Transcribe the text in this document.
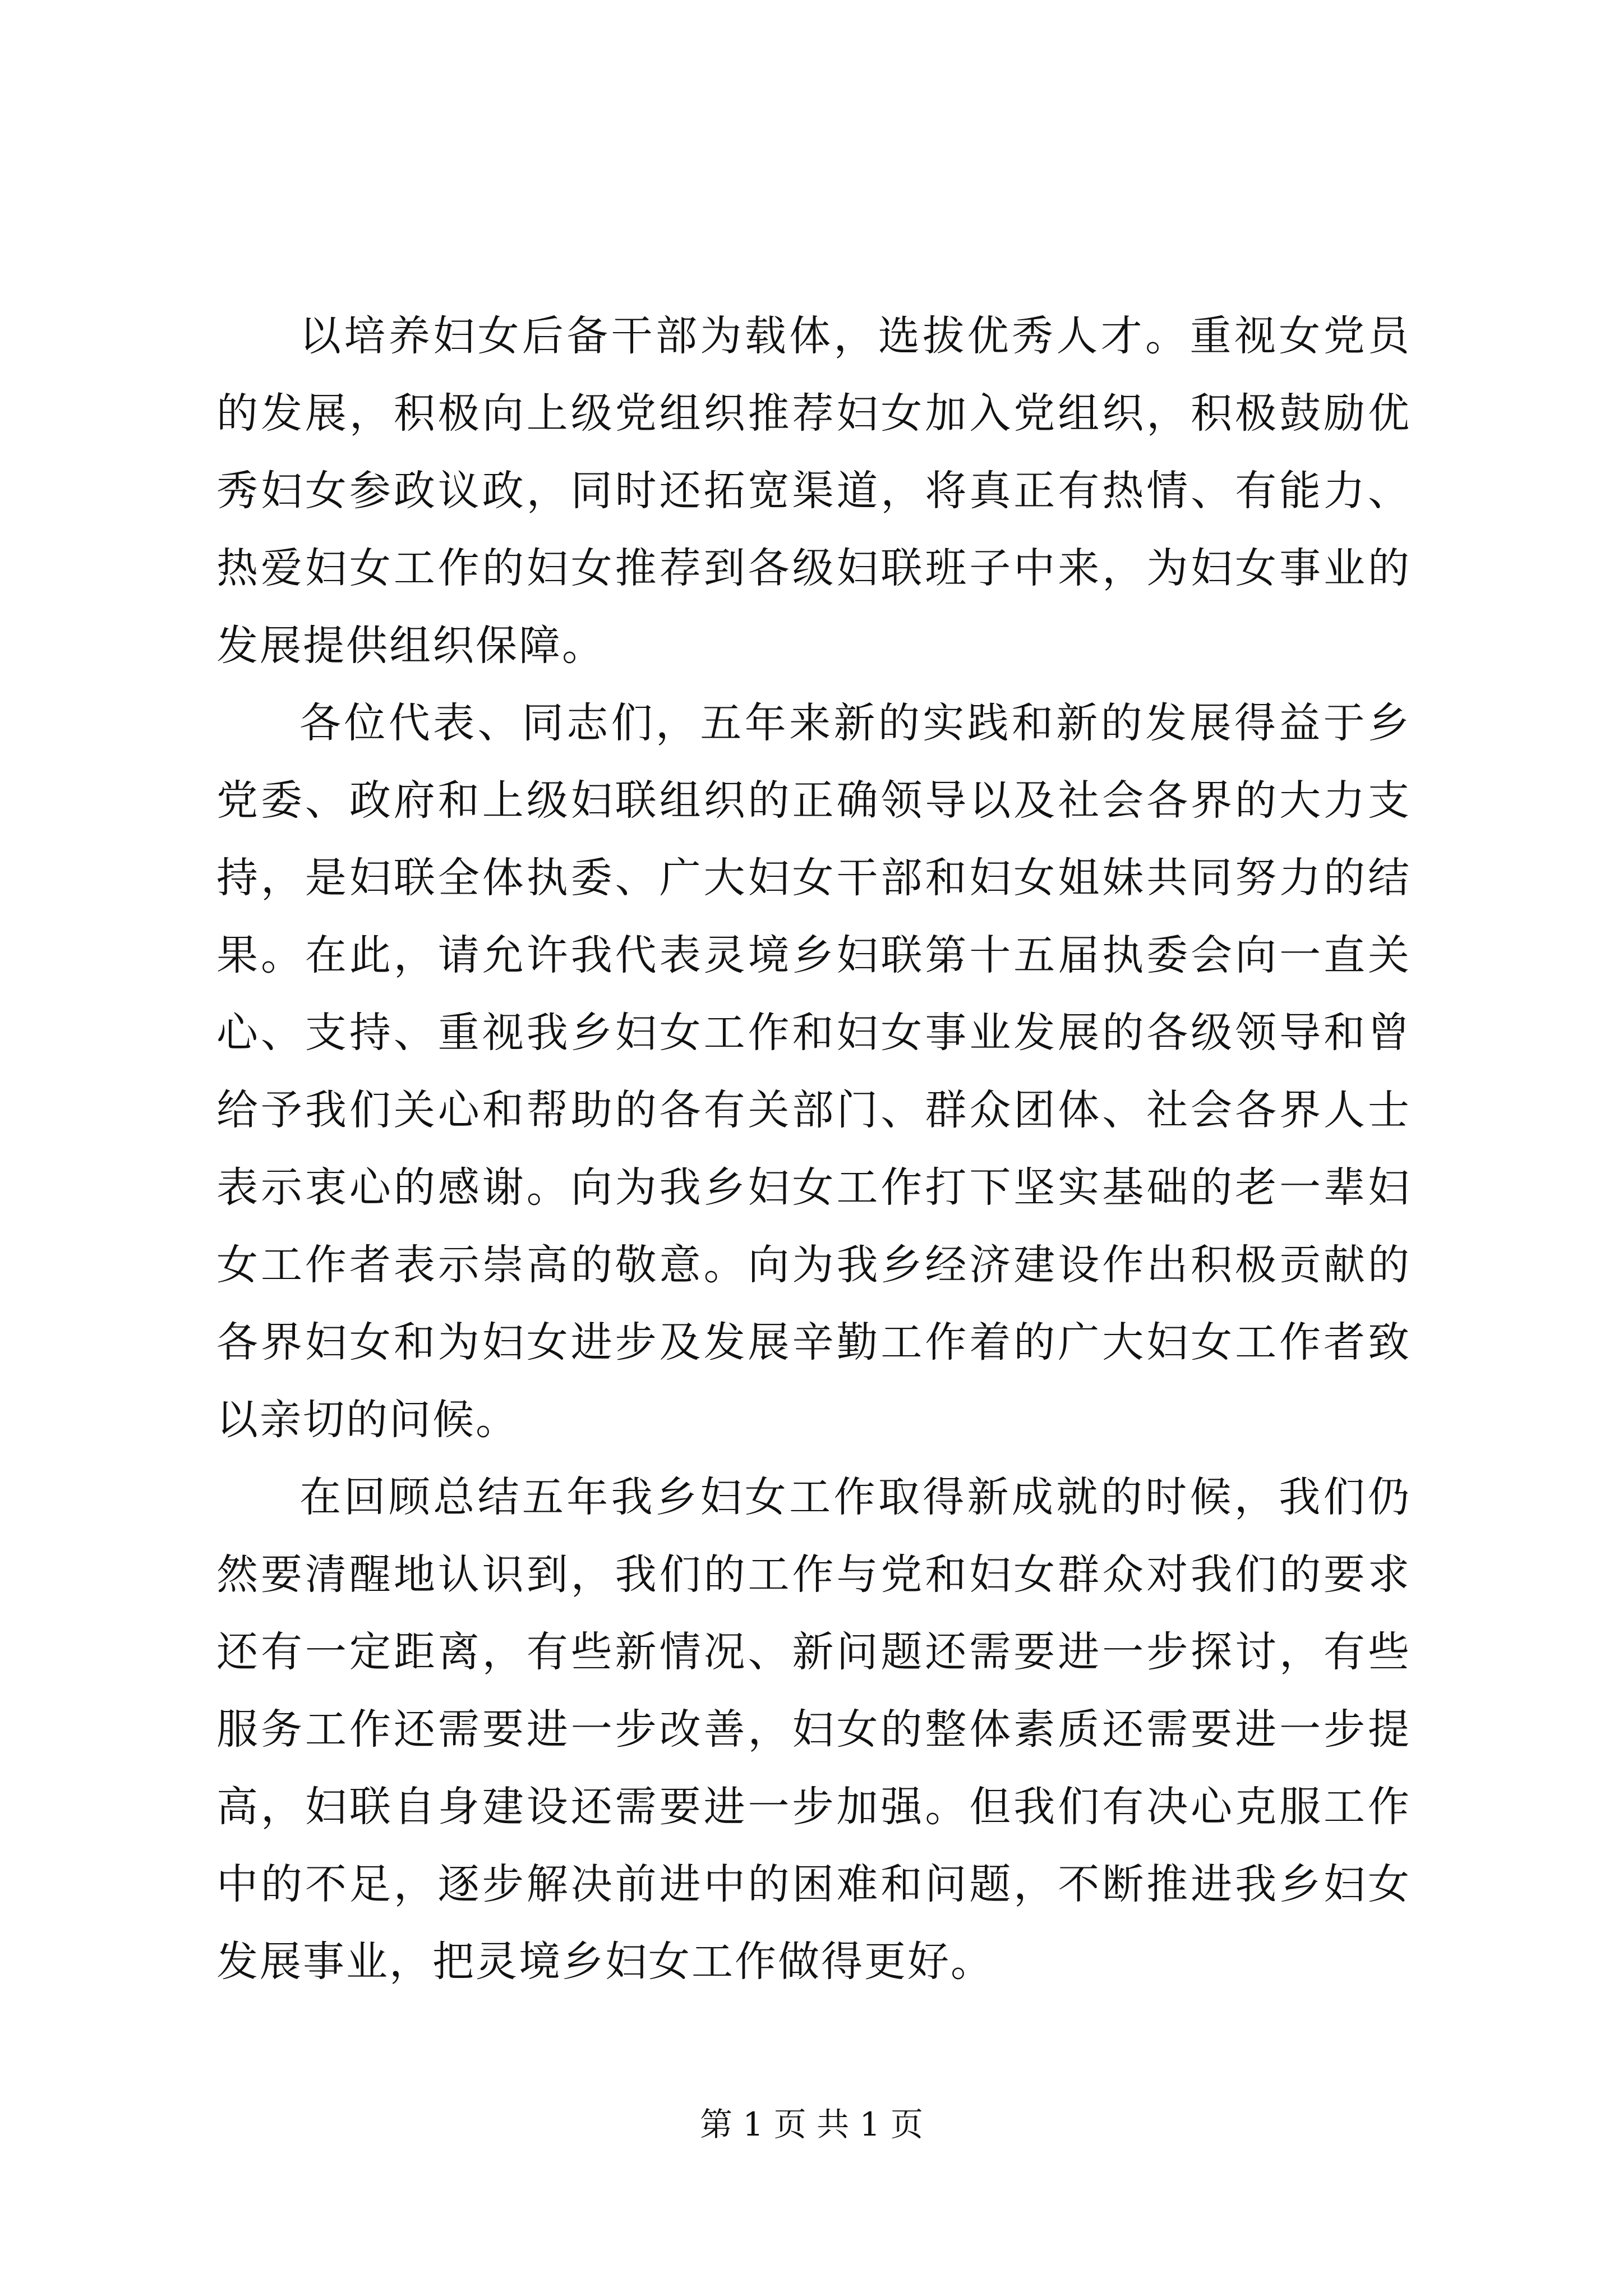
以培养妇女后备干部为载体，选拔优秀人才。重视女党员的发展，积极向上级党组织推荐妇女加入党组织，积极鼓励优秀妇女参政议政，同时还拓宽渠道，将真正有热情、有能力、热爱妇女工作的妇女推荐到各级妇联班子中来，为妇女事业的发展提供组织保障。

各位代表、同志们，五年来新的实践和新的发展得益于乡党委、政府和上级妇联组织的正确领导以及社会各界的大力支持，是妇联全体执委、广大妇女干部和妇女姐妹共同努力的结果。在此，请允许我代表灵境乡妇联第十五届执委会向一直关心、支持、重视我乡妇女工作和妇女事业发展的各级领导和曾给予我们关心和帮助的各有关部门、群众团体、社会各界人士表示衷心的感谢。向为我乡妇女工作打下坚实基础的老一辈妇女工作者表示崇高的敬意。向为我乡经济建设作出积极贡献的各界妇女和为妇女进步及发展辛勤工作着的广大妇女工作者致以亲切的问候。

在回顾总结五年我乡妇女工作取得新成就的时候，我们仍然要清醒地认识到，我们的工作与党和妇女群众对我们的要求还有一定距离，有些新情况、新问题还需要进一步探讨，有些服务工作还需要进一步改善，妇女的整体素质还需要进一步提高，妇联自身建设还需要进一步加强。但我们有决心克服工作中的不足，逐步解决前进中的困难和问题，不断推进我乡妇女发展事业，把灵境乡妇女工作做得更好。

第 1 页 共 1 页
